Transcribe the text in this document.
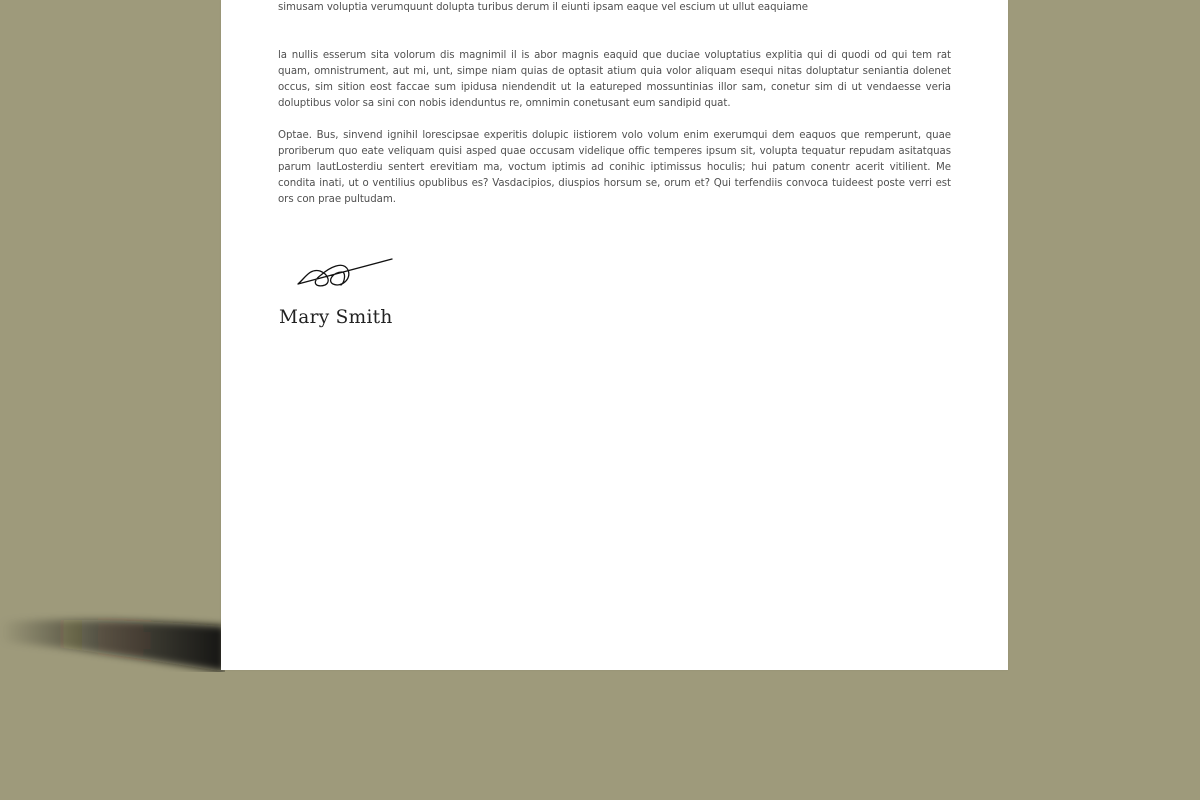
simusam voluptia verumquunt dolupta turibus derum il eiunti ipsam eaque vel escium ut ullut eaquiame

la nullis esserum sita volorum dis magnimil il is abor magnis eaquid que duciae voluptatius explitia qui di quodi od qui tem rat quam, omnistrument, aut mi, unt, simpe niam quias de optasit atium quia volor aliquam esequi nitas doluptatur seniantia dolenet occus, sim sition eost faccae sum ipidusa niendendit ut la eatureped mossuntinias illor sam, conetur sim di ut vendaesse veria doluptibus volor sa sini con nobis idenduntus re, omnimin conetusant eum sandipid quat.

Optae. Bus, sinvend ignihil lorescipsae experitis dolupic iistiorem volo volum enim exerumqui dem eaquos que remperunt, quae proriberum quo eate veliquam quisi asped quae occusam videlique offic temperes ipsum sit, volupta tequatur repudam asitatquas parum lautLosterdiu sentert erevitiam ma, voctum iptimis ad conihic iptimissus hoculis; hui patum conentr acerit vitilient. Me condita inati, ut o ventilius opublibus es? Vasdacipios, diuspios horsum se, orum et? Qui terfendiis convoca tuideest poste verri est ors con prae pultudam.

Mary Smith
